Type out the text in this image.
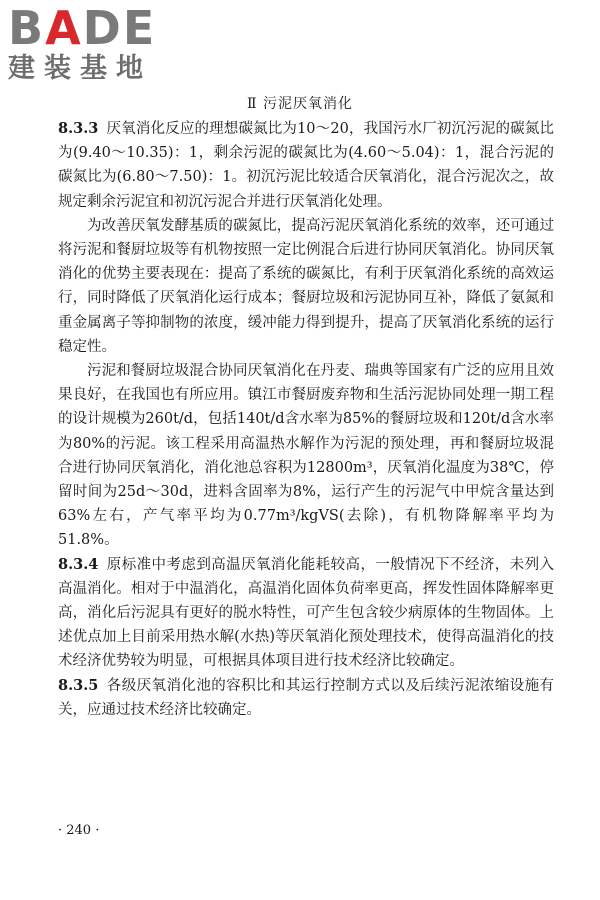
BADE
建装基地
Ⅱ 污泥厌氧消化

8.3.3 厌氧消化反应的理想碳氮比为10～20，我国污水厂初沉污泥的碳氮比为(9.40～10.35)：1，剩余污泥的碳氮比为(4.60～5.04)：1，混合污泥的碳氮比为(6.80～7.50)：1。初沉污泥比较适合厌氧消化，混合污泥次之，故规定剩余污泥宜和初沉污泥合并进行厌氧消化处理。

为改善厌氧发酵基质的碳氮比，提高污泥厌氧消化系统的效率，还可通过将污泥和餐厨垃圾等有机物按照一定比例混合后进行协同厌氧消化。协同厌氧消化的优势主要表现在：提高了系统的碳氮比，有利于厌氧消化系统的高效运行，同时降低了厌氧消化运行成本；餐厨垃圾和污泥协同互补，降低了氨氮和重金属离子等抑制物的浓度，缓冲能力得到提升，提高了厌氧消化系统的运行稳定性。

污泥和餐厨垃圾混合协同厌氧消化在丹麦、瑞典等国家有广泛的应用且效果良好，在我国也有所应用。镇江市餐厨废弃物和生活污泥协同处理一期工程的设计规模为260t/d，包括140t/d含水率为85%的餐厨垃圾和120t/d含水率为80%的污泥。该工程采用高温热水解作为污泥的预处理，再和餐厨垃圾混合进行协同厌氧消化，消化池总容积为12800m³，厌氧消化温度为38℃，停留时间为25d～30d，进料含固率为8%，运行产生的污泥气中甲烷含量达到63%左右，产气率平均为0.77m³/kgVS(去除)，有机物降解率平均为51.8%。

8.3.4 原标准中考虑到高温厌氧消化能耗较高，一般情况下不经济，未列入高温消化。相对于中温消化，高温消化固体负荷率更高，挥发性固体降解率更高，消化后污泥具有更好的脱水特性，可产生包含较少病原体的生物固体。上述优点加上目前采用热水解(水热)等厌氧消化预处理技术，使得高温消化的技术经济优势较为明显，可根据具体项目进行技术经济比较确定。

8.3.5 各级厌氧消化池的容积比和其运行控制方式以及后续污泥浓缩设施有关，应通过技术经济比较确定。

· 240 ·
